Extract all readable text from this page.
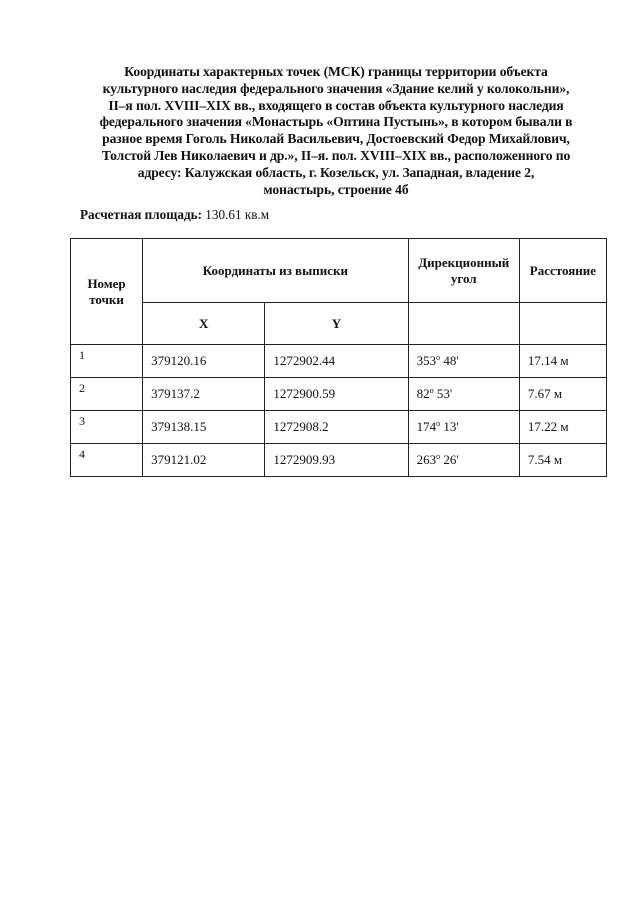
Координаты характерных точек (МСК) границы территории объекта
культурного наследия федерального значения «Здание келий у колокольни»,
II–я пол. XVIII–XIX вв., входящего в состав объекта культурного наследия
федерального значения «Монастырь «Оптина Пустынь», в котором бывали в
разное время Гоголь Николай Васильевич, Достоевский Федор Михайлович,
Толстой Лев Николаевич и др.», II–я. пол. XVIII–XIX вв., расположенного по
адресу: Калужская область, г. Козельск, ул. Западная, владение 2,
монастырь, строение 4б
Расчетная площадь: 130.61 кв.м
Номер точки	Координаты из выписки		Дирекционный угол	Расстояние
	X	Y		
1	379120.16	1272902.44	353$^o$ 48'	17.14 м
2	379137.2	1272900.59	82$^o$ 53'	7.67 м
3	379138.15	1272908.2	174$^o$ 13'	17.22 м
4	379121.02	1272909.93	263$^o$ 26'	7.54 м
